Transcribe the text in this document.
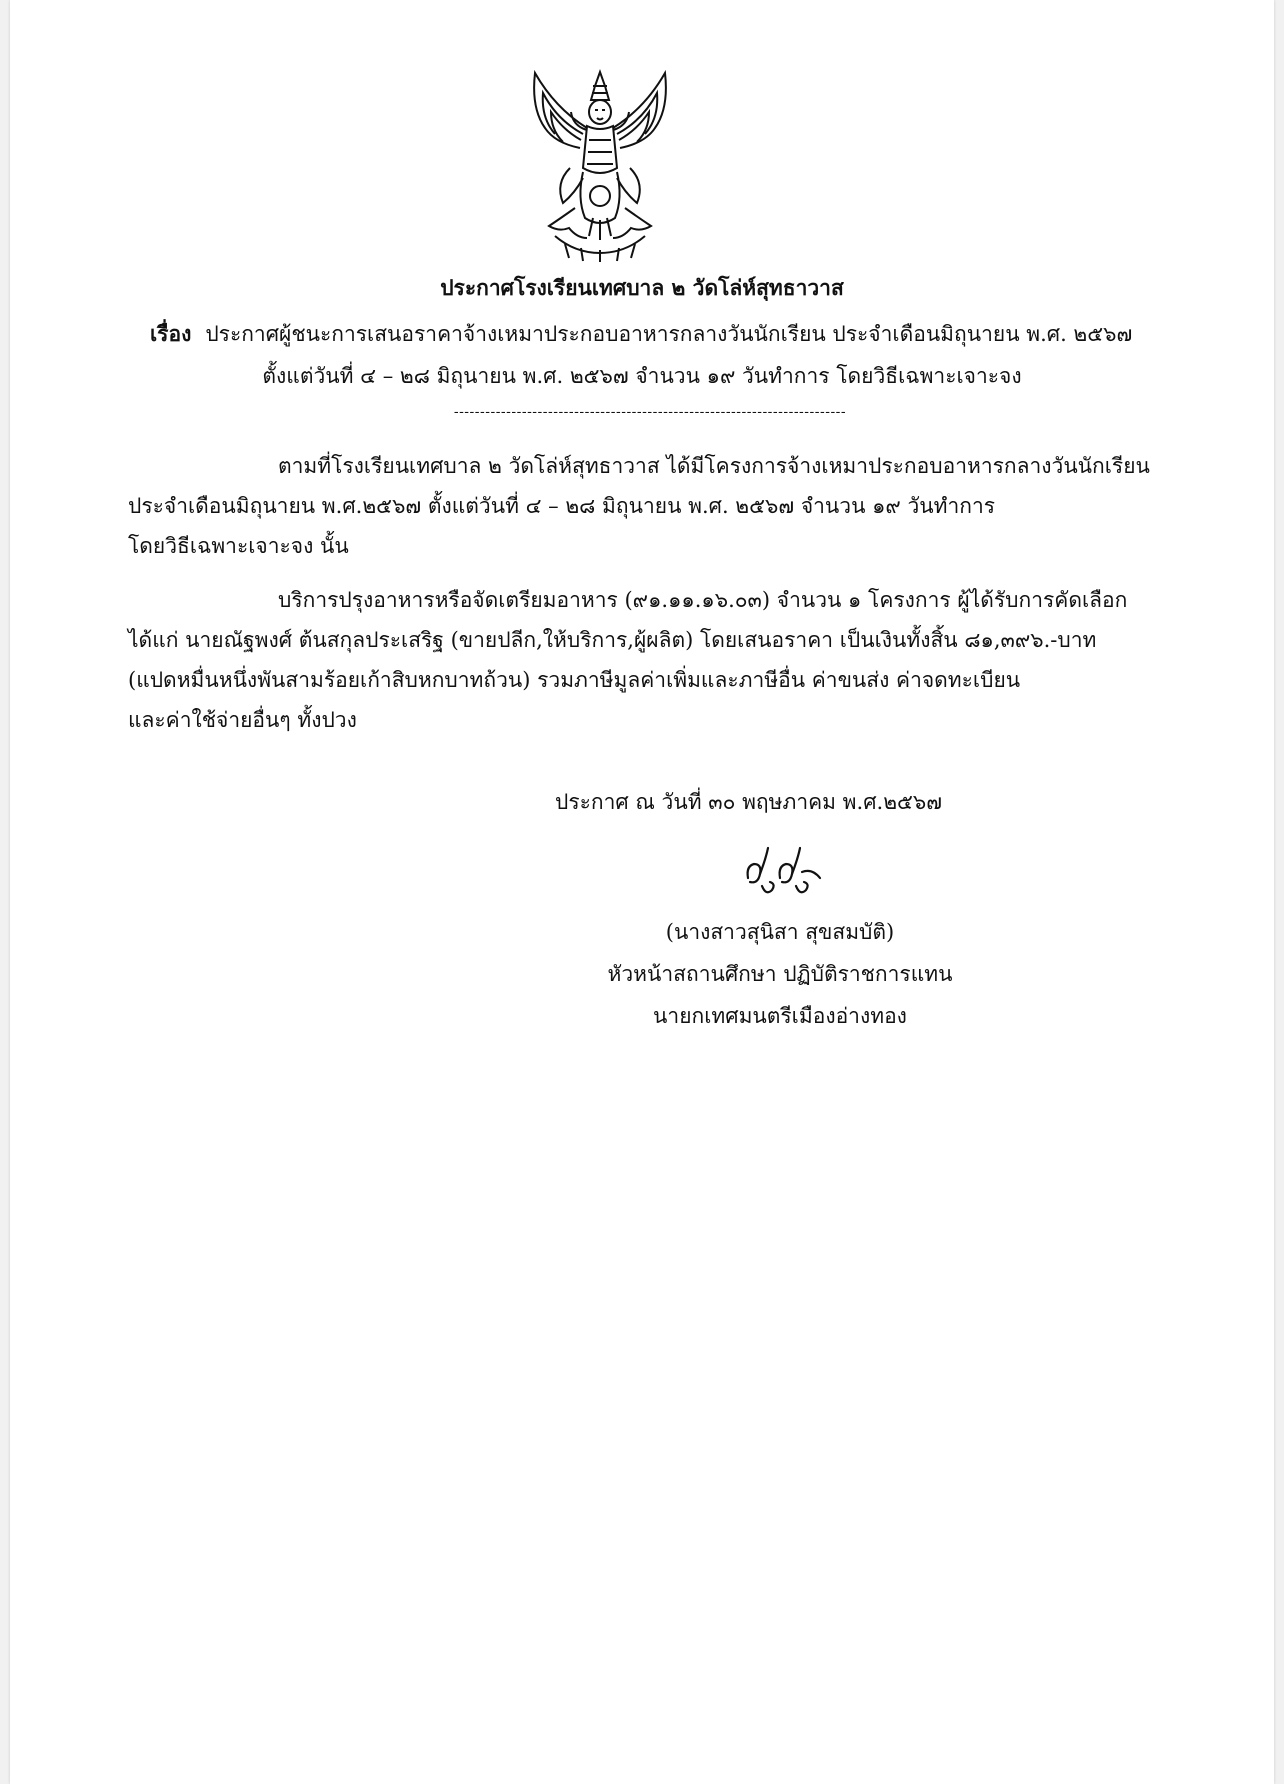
ประกาศโรงเรียนเทศบาล ๒ วัดโล่ห์สุทธาวาส
เรื่อง ประกาศผู้ชนะการเสนอราคาจ้างเหมาประกอบอาหารกลางวันนักเรียน ประจำเดือนมิถุนายน พ.ศ. ๒๕๖๗
ตั้งแต่วันที่ ๔ – ๒๘ มิถุนายน พ.ศ. ๒๕๖๗ จำนวน ๑๙ วันทำการ โดยวิธีเฉพาะเจาะจง
---------------------------------------------------------------------------
ตามที่โรงเรียนเทศบาล ๒ วัดโล่ห์สุทธาวาส ได้มีโครงการจ้างเหมาประกอบอาหารกลางวันนักเรียน
ประจำเดือนมิถุนายน พ.ศ.๒๕๖๗ ตั้งแต่วันที่ ๔ – ๒๘ มิถุนายน พ.ศ. ๒๕๖๗ จำนวน ๑๙ วันทำการ
โดยวิธีเฉพาะเจาะจง นั้น
บริการปรุงอาหารหรือจัดเตรียมอาหาร (๙๑.๑๑.๑๖.๐๓) จำนวน ๑ โครงการ ผู้ได้รับการคัดเลือก
ได้แก่ นายณัฐพงศ์ ต้นสกุลประเสริฐ (ขายปลีก,ให้บริการ,ผู้ผลิต) โดยเสนอราคา เป็นเงินทั้งสิ้น ๘๑,๓๙๖.-บาท
(แปดหมื่นหนึ่งพันสามร้อยเก้าสิบหกบาทถ้วน) รวมภาษีมูลค่าเพิ่มและภาษีอื่น ค่าขนส่ง ค่าจดทะเบียน
และค่าใช้จ่ายอื่นๆ ทั้งปวง
ประกาศ ณ วันที่ ๓๐ พฤษภาคม พ.ศ.๒๕๖๗
(นางสาวสุนิสา สุขสมบัติ)
หัวหน้าสถานศึกษา ปฏิบัติราชการแทน
นายกเทศมนตรีเมืองอ่างทอง
